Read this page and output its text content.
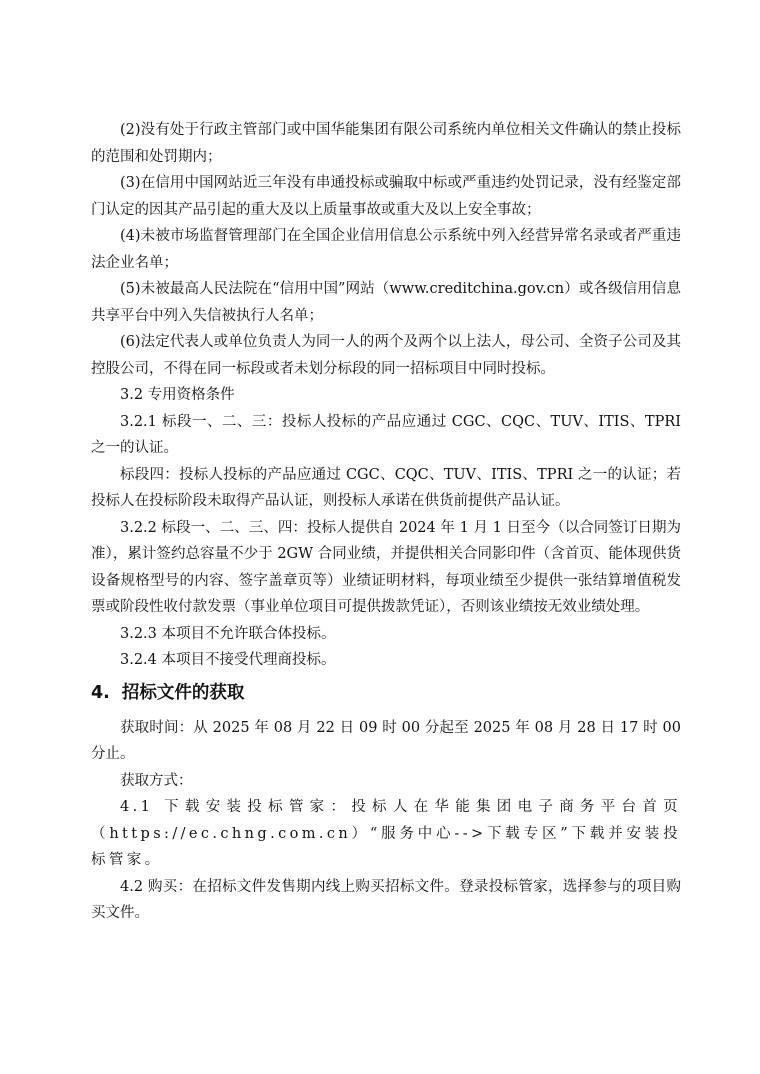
(2)没有处于行政主管部门或中国华能集团有限公司系统内单位相关文件确认的禁止投标的范围和处罚期内；

(3)在信用中国网站近三年没有串通投标或骗取中标或严重违约处罚记录，没有经鉴定部门认定的因其产品引起的重大及以上质量事故或重大及以上安全事故；

(4)未被市场监督管理部门在全国企业信用信息公示系统中列入经营异常名录或者严重违法企业名单；

(5)未被最高人民法院在“信用中国”网站（www.creditchina.gov.cn）或各级信用信息共享平台中列入失信被执行人名单；

(6)法定代表人或单位负责人为同一人的两个及两个以上法人，母公司、全资子公司及其控股公司，不得在同一标段或者未划分标段的同一招标项目中同时投标。

3.2 专用资格条件

3.2.1 标段一、二、三：投标人投标的产品应通过 CGC、CQC、TUV、ITIS、TPRI 之一的认证。

标段四：投标人投标的产品应通过 CGC、CQC、TUV、ITIS、TPRI 之一的认证；若投标人在投标阶段未取得产品认证，则投标人承诺在供货前提供产品认证。

3.2.2 标段一、二、三、四：投标人提供自 2024 年 1 月 1 日至今（以合同签订日期为准），累计签约总容量不少于 2GW 合同业绩，并提供相关合同影印件（含首页、能体现供货设备规格型号的内容、签字盖章页等）业绩证明材料，每项业绩至少提供一张结算增值税发票或阶段性收付款发票（事业单位项目可提供拨款凭证），否则该业绩按无效业绩处理。

3.2.3 本项目不允许联合体投标。

3.2.4 本项目不接受代理商投标。

4. 招标文件的获取

获取时间：从 2025 年 08 月 22 日 09 时 00 分起至 2025 年 08 月 28 日 17 时 00 分止。

获取方式：

4.1 下载安装投标管家：投标人在华能集团电子商务平台首页（https://ec.chng.com.cn）“服务中心-->下载专区”下载并安装投标管家。

4.2 购买：在招标文件发售期内线上购买招标文件。登录投标管家，选择参与的项目购买文件。
